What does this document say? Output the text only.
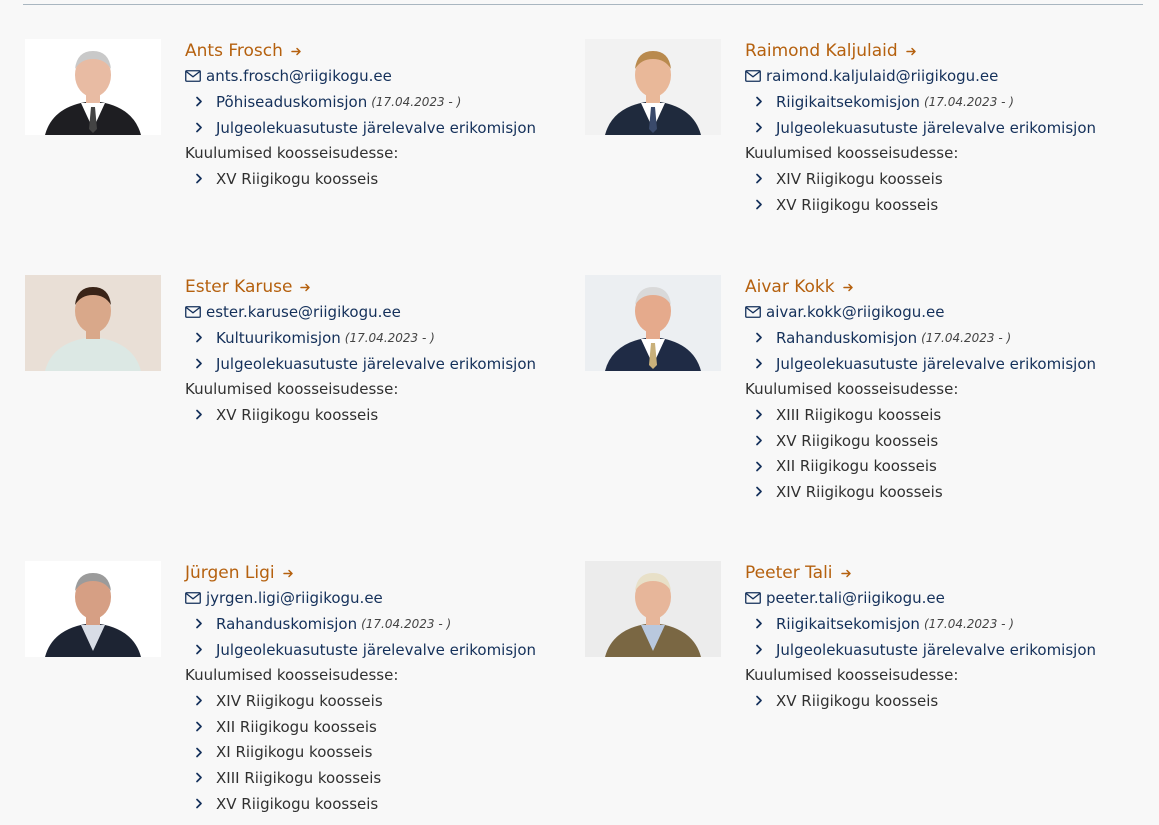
Ants Frosch
ants.frosch@riigikogu.ee
Põhiseaduskomisjon (17.04.2023 - )
Julgeolekuasutuste järelevalve erikomisjon
Kuulumised koosseisudesse:
XV Riigikogu koosseis
Raimond Kaljulaid
raimond.kaljulaid@riigikogu.ee
Riigikaitsekomisjon (17.04.2023 - )
Julgeolekuasutuste järelevalve erikomisjon
Kuulumised koosseisudesse:
XIV Riigikogu koosseis
XV Riigikogu koosseis
Ester Karuse
ester.karuse@riigikogu.ee
Kultuurikomisjon (17.04.2023 - )
Julgeolekuasutuste järelevalve erikomisjon
Kuulumised koosseisudesse:
XV Riigikogu koosseis
Aivar Kokk
aivar.kokk@riigikogu.ee
Rahanduskomisjon (17.04.2023 - )
Julgeolekuasutuste järelevalve erikomisjon
Kuulumised koosseisudesse:
XIII Riigikogu koosseis
XV Riigikogu koosseis
XII Riigikogu koosseis
XIV Riigikogu koosseis
Jürgen Ligi
jyrgen.ligi@riigikogu.ee
Rahanduskomisjon (17.04.2023 - )
Julgeolekuasutuste järelevalve erikomisjon
Kuulumised koosseisudesse:
XIV Riigikogu koosseis
XII Riigikogu koosseis
XI Riigikogu koosseis
XIII Riigikogu koosseis
XV Riigikogu koosseis
Peeter Tali
peeter.tali@riigikogu.ee
Riigikaitsekomisjon (17.04.2023 - )
Julgeolekuasutuste järelevalve erikomisjon
Kuulumised koosseisudesse:
XV Riigikogu koosseis
